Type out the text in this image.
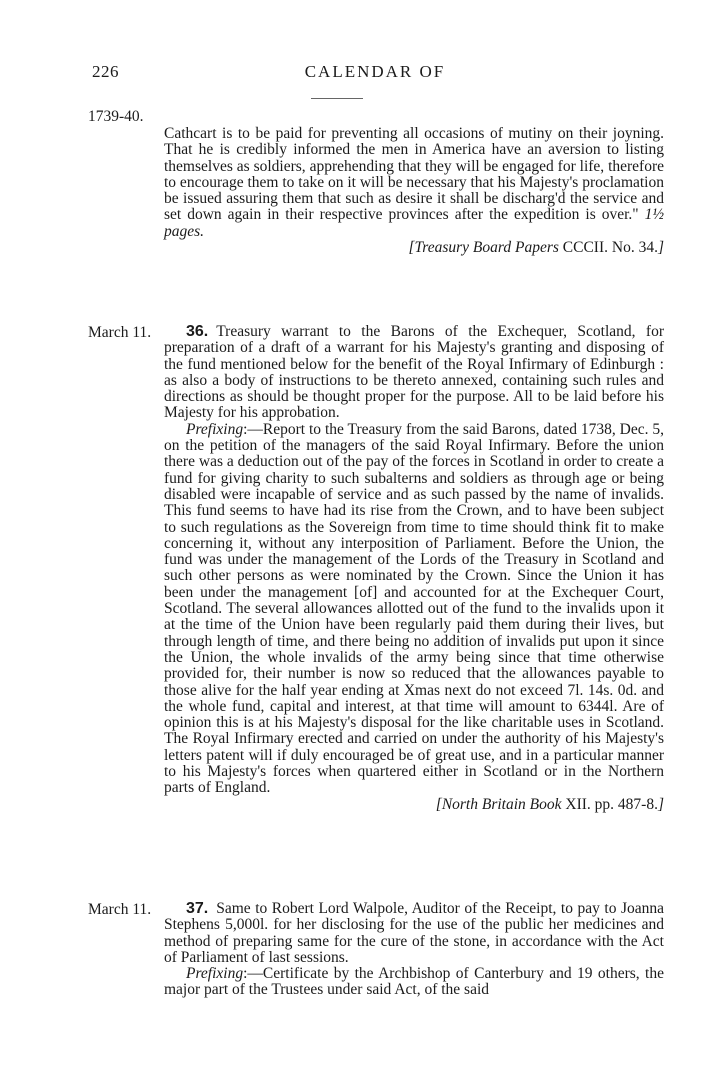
226	CALENDAR OF
1739-40.

Cathcart is to be paid for preventing all occasions of mutiny on their joyning. That he is credibly informed the men in America have an aversion to listing themselves as soldiers, apprehending that they will be engaged for life, therefore to encourage them to take on it will be necessary that his Majesty's proclamation be issued assuring them that such as desire it shall be discharg'd the service and set down again in their respective provinces after the expedition is over." 1½ pages.

[Treasury Board Papers CCCII. No. 34.]

March 11.	36. Treasury warrant to the Barons of the Exchequer, Scotland, for preparation of a draft of a warrant for his Majesty's granting and disposing of the fund mentioned below for the benefit of the Royal Infirmary of Edinburgh : as also a body of instructions to be thereto annexed, containing such rules and directions as should be thought proper for the purpose. All to be laid before his Majesty for his approbation.

Prefixing:—Report to the Treasury from the said Barons, dated 1738, Dec. 5, on the petition of the managers of the said Royal Infirmary. Before the union there was a deduction out of the pay of the forces in Scotland in order to create a fund for giving charity to such subalterns and soldiers as through age or being disabled were incapable of service and as such passed by the name of invalids. This fund seems to have had its rise from the Crown, and to have been subject to such regulations as the Sovereign from time to time should think fit to make concerning it, without any interposition of Parliament. Before the Union, the fund was under the management of the Lords of the Treasury in Scotland and such other persons as were nominated by the Crown. Since the Union it has been under the management [of] and accounted for at the Exchequer Court, Scotland. The several allowances allotted out of the fund to the invalids upon it at the time of the Union have been regularly paid them during their lives, but through length of time, and there being no addition of invalids put upon it since the Union, the whole invalids of the army being since that time otherwise provided for, their number is now so reduced that the allowances payable to those alive for the half year ending at Xmas next do not exceed 7l. 14s. 0d. and the whole fund, capital and interest, at that time will amount to 6344l. Are of opinion this is at his Majesty's disposal for the like charitable uses in Scotland. The Royal Infirmary erected and carried on under the authority of his Majesty's letters patent will if duly encouraged be of great use, and in a particular manner to his Majesty's forces when quartered either in Scotland or in the Northern parts of England.

[North Britain Book XII. pp. 487-8.]

March 11.	37. Same to Robert Lord Walpole, Auditor of the Receipt, to pay to Joanna Stephens 5,000l. for her disclosing for the use of the public her medicines and method of preparing same for the cure of the stone, in accordance with the Act of Parliament of last sessions.

Prefixing:—Certificate by the Archbishop of Canterbury and 19 others, the major part of the Trustees under said Act, of the said
